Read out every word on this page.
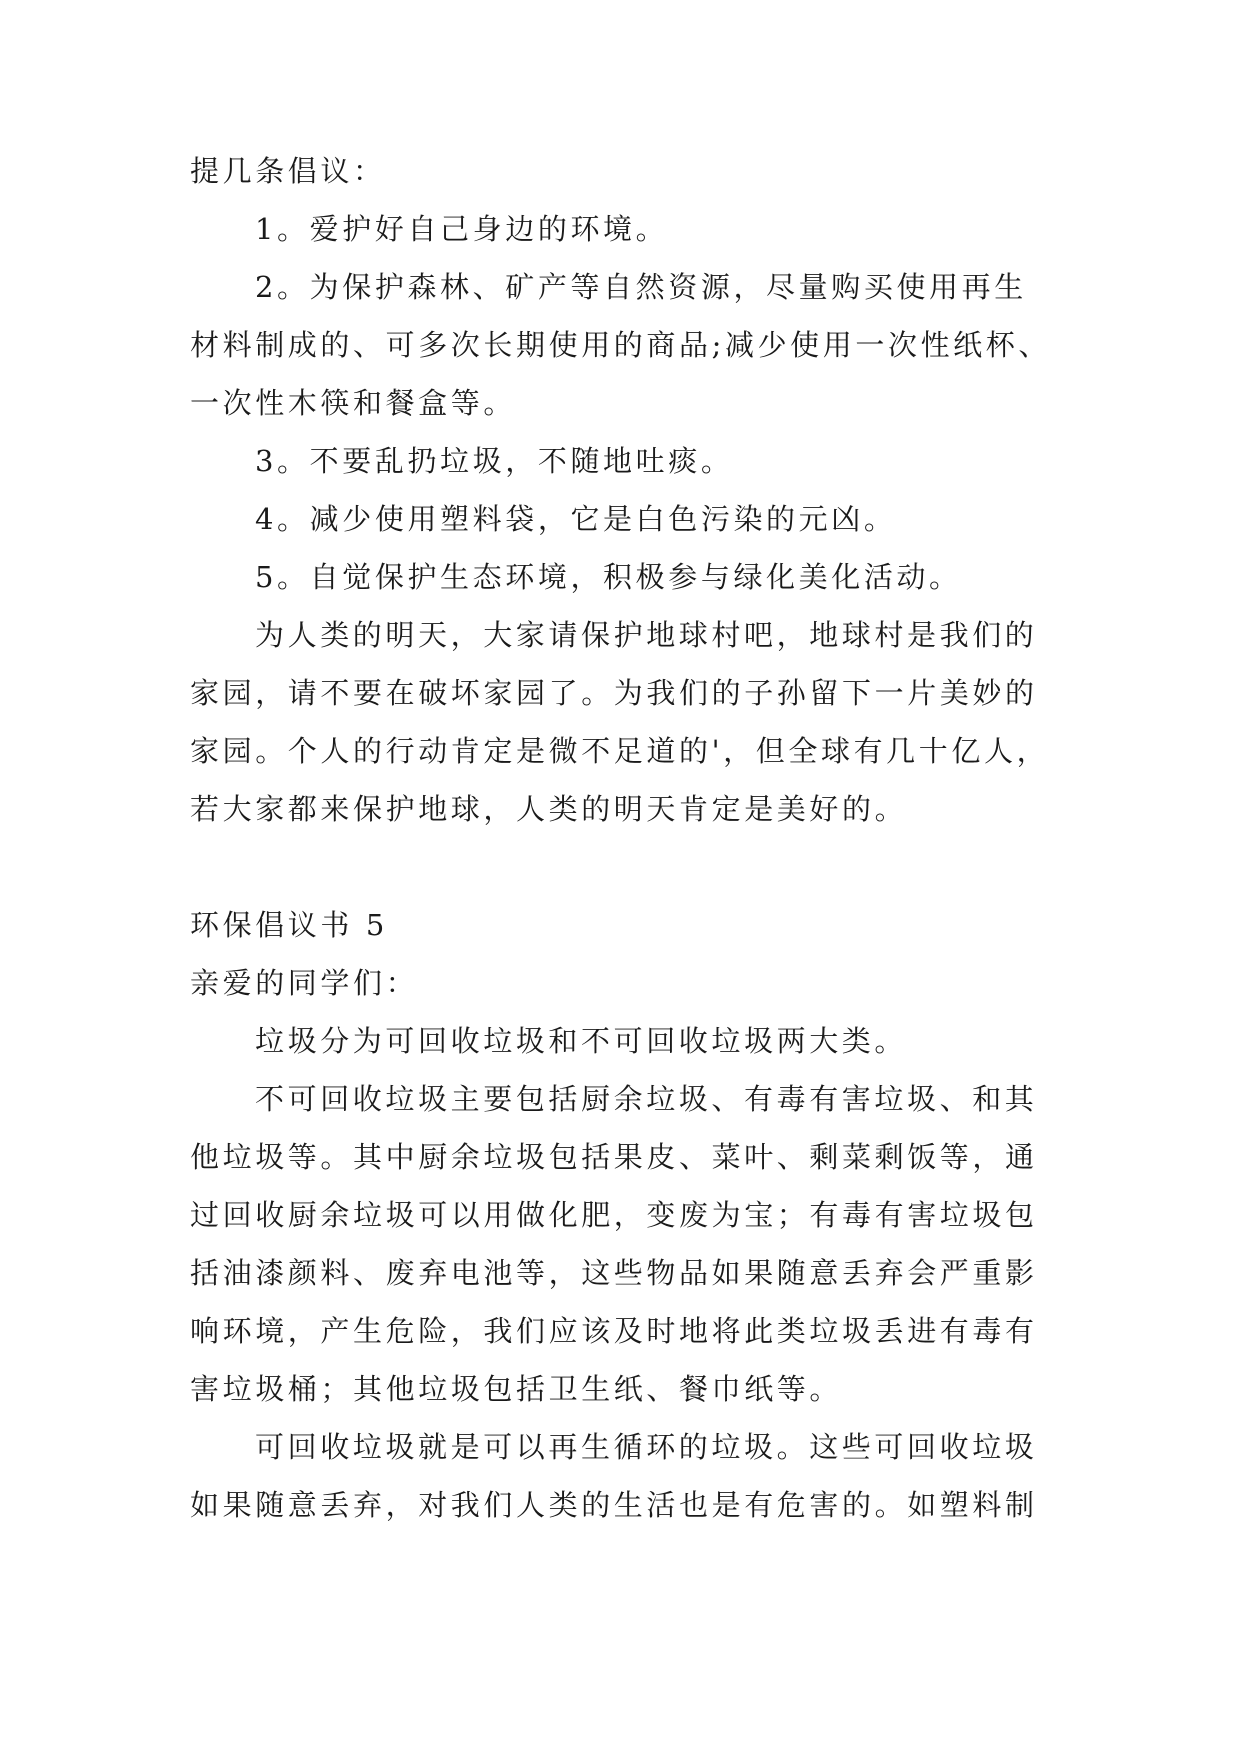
提几条倡议：
1。爱护好自己身边的环境。
2。为保护森林、矿产等自然资源，尽量购买使用再生
材料制成的、可多次长期使用的商品;减少使用一次性纸杯、
一次性木筷和餐盒等。
3。不要乱扔垃圾，不随地吐痰。
4。减少使用塑料袋，它是白色污染的元凶。
5。自觉保护生态环境，积极参与绿化美化活动。
为人类的明天，大家请保护地球村吧，地球村是我们的
家园，请不要在破坏家园了。为我们的子孙留下一片美妙的
家园。个人的行动肯定是微不足道的'，但全球有几十亿人，
若大家都来保护地球，人类的明天肯定是美好的。
环保倡议书 5
亲爱的同学们：
垃圾分为可回收垃圾和不可回收垃圾两大类。
不可回收垃圾主要包括厨余垃圾、有毒有害垃圾、和其
他垃圾等。其中厨余垃圾包括果皮、菜叶、剩菜剩饭等，通
过回收厨余垃圾可以用做化肥，变废为宝；有毒有害垃圾包
括油漆颜料、废弃电池等，这些物品如果随意丢弃会严重影
响环境，产生危险，我们应该及时地将此类垃圾丢进有毒有
害垃圾桶；其他垃圾包括卫生纸、餐巾纸等。
可回收垃圾就是可以再生循环的垃圾。这些可回收垃圾
如果随意丢弃，对我们人类的生活也是有危害的。如塑料制
